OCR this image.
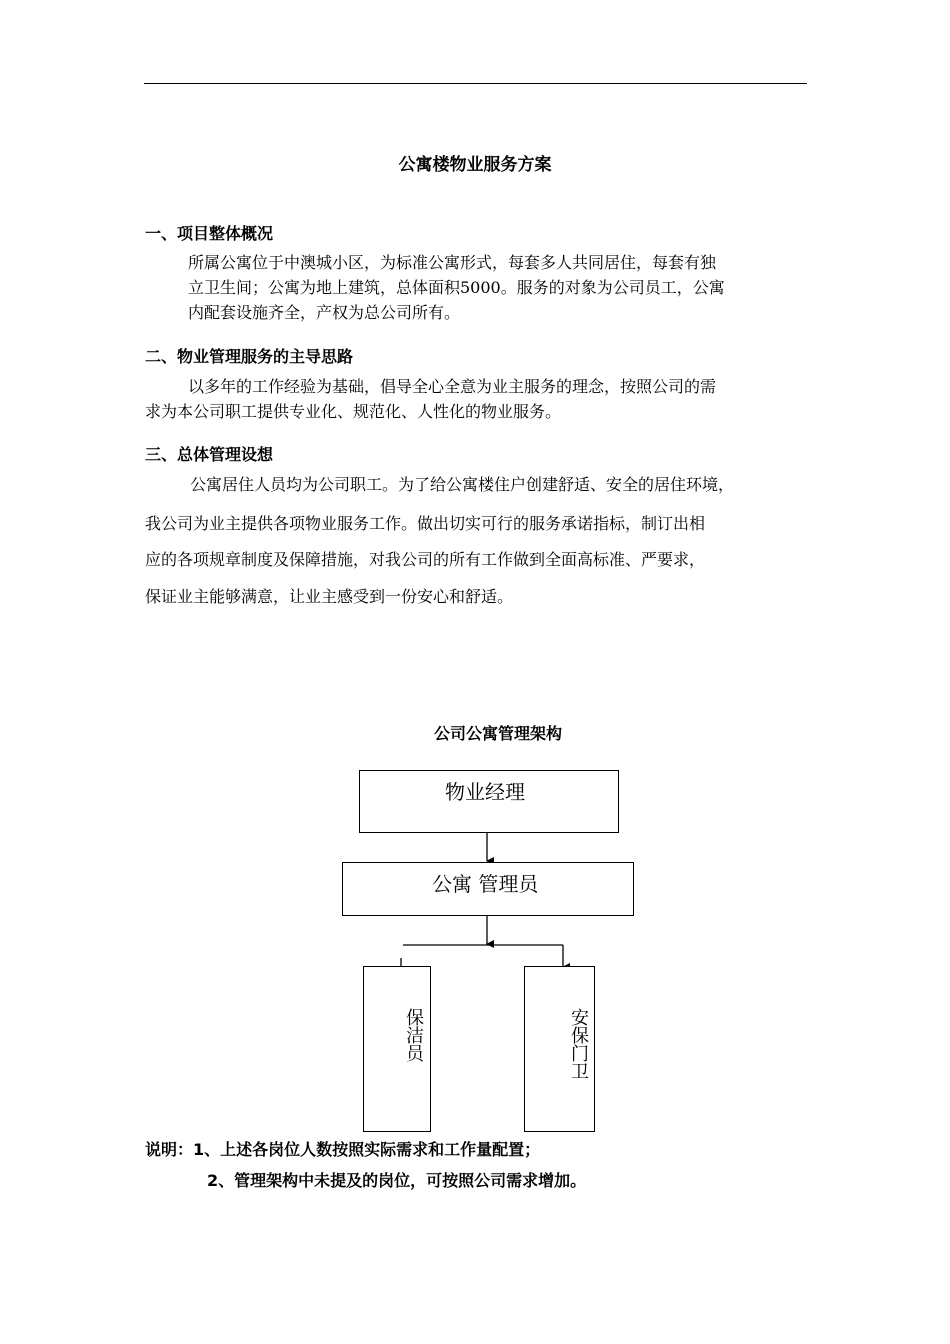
公寓楼物业服务方案
一、项目整体概况
所属公寓位于中澳城小区，为标准公寓形式，每套多人共同居住，每套有独
立卫生间；公寓为地上建筑，总体面积5000。服务的对象为公司员工，公寓
内配套设施齐全，产权为总公司所有。
二、物业管理服务的主导思路
以多年的工作经验为基础，倡导全心全意为业主服务的理念，按照公司的需
求为本公司职工提供专业化、规范化、人性化的物业服务。
三、总体管理设想
公寓居住人员均为公司职工。为了给公寓楼住户创建舒适、安全的居住环境，
我公司为业主提供各项物业服务工作。做出切实可行的服务承诺指标，制订出相
应的各项规章制度及保障措施，对我公司的所有工作做到全面高标准、严要求，
保证业主能够满意，让业主感受到一份安心和舒适。
公司公寓管理架构
物业经理
公寓 管理员
保洁员	安保门卫
说明：1、上述各岗位人数按照实际需求和工作量配置；
2、管理架构中未提及的岗位，可按照公司需求增加。
